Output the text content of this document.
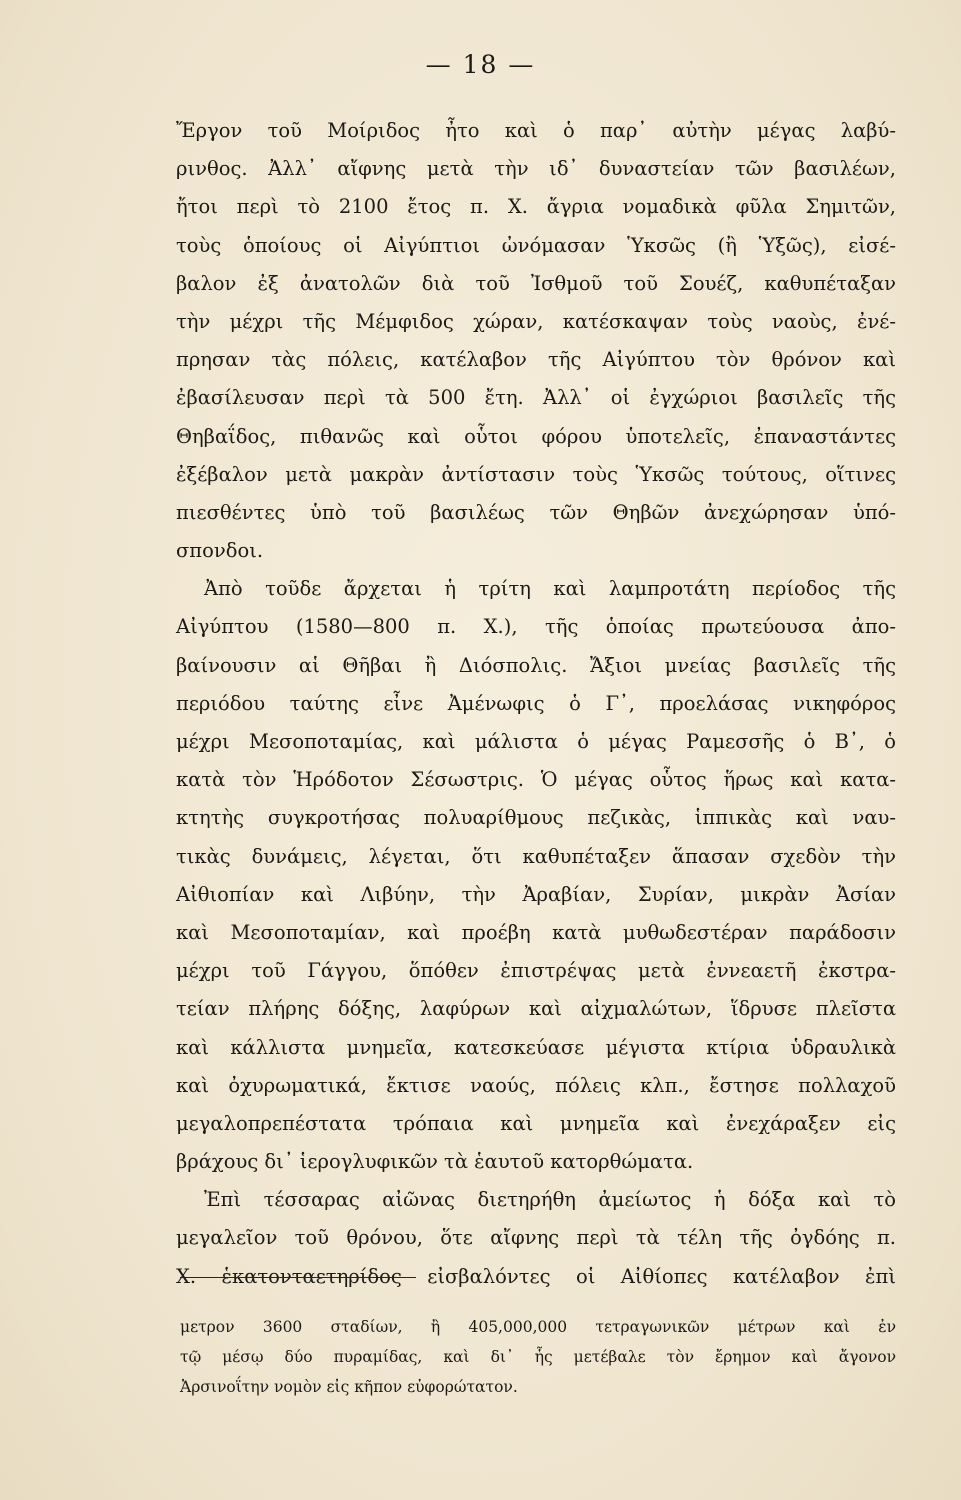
— 18 —
Ἔργον τοῦ Μοίριδος ἦτο καὶ ὁ παρ᾽ αὐτὴν μέγας λαβύ-
ρινθος. Ἀλλ᾽ αἴφνης μετὰ τὴν ιδ᾽ δυναστείαν τῶν βασιλέων,
ἤτοι περὶ τὸ 2100 ἔτος π. Χ. ἄγρια νομαδικὰ φῦλα Σημιτῶν,
τοὺς ὁποίους οἱ Αἰγύπτιοι ὠνόμασαν Ὑκσῶς (ἢ Ὑξῶς), εἰσέ-
βαλον ἐξ ἀνατολῶν διὰ τοῦ Ἰσθμοῦ τοῦ Σουέζ, καθυπέταξαν
τὴν μέχρι τῆς Μέμφιδος χώραν, κατέσκαψαν τοὺς ναοὺς, ἐνέ-
πρησαν τὰς πόλεις, κατέλαβον τῆς Αἰγύπτου τὸν θρόνον καὶ
ἐβασίλευσαν περὶ τὰ 500 ἔτη. Ἀλλ᾽ οἱ ἐγχώριοι βασιλεῖς τῆς
Θηβαΐδος, πιθανῶς καὶ οὗτοι φόρου ὑποτελεῖς, ἐπαναστάντες
ἐξέβαλον μετὰ μακρὰν ἀντίστασιν τοὺς Ὑκσῶς τούτους, οἵτινες
πιεσθέντες ὑπὸ τοῦ βασιλέως τῶν Θηβῶν ἀνεχώρησαν ὑπό-
σπονδοι.
Ἀπὸ τοῦδε ἄρχεται ἡ τρίτη καὶ λαμπροτάτη περίοδος τῆς
Αἰγύπτου (1580—800 π. Χ.), τῆς ὁποίας πρωτεύουσα ἀπο-
βαίνουσιν αἱ Θῆβαι ἢ Διόσπολις. Ἄξιοι μνείας βασιλεῖς τῆς
περιόδου ταύτης εἶνε Ἀμένωφις ὁ Γ᾽, προελάσας νικηφόρος
μέχρι Μεσοποταμίας, καὶ μάλιστα ὁ μέγας Ραμεσσῆς ὁ Β᾽, ὁ
κατὰ τὸν Ἡρόδοτον Σέσωστρις. Ὁ μέγας οὗτος ἥρως καὶ κατα-
κτητὴς συγκροτήσας πολυαρίθμους πεζικὰς, ἱππικὰς καὶ ναυ-
τικὰς δυνάμεις, λέγεται, ὅτι καθυπέταξεν ἅπασαν σχεδὸν τὴν
Αἰθιοπίαν καὶ Λιβύην, τὴν Ἀραβίαν, Συρίαν, μικρὰν Ἀσίαν
καὶ Μεσοποταμίαν, καὶ προέβη κατὰ μυθωδεστέραν παράδοσιν
μέχρι τοῦ Γάγγου, ὅπόθεν ἐπιστρέψας μετὰ ἐννεαετῆ ἐκστρα-
τείαν πλήρης δόξης, λαφύρων καὶ αἰχμαλώτων, ἵδρυσε πλεῖστα
καὶ κάλλιστα μνημεῖα, κατεσκεύασε μέγιστα κτίρια ὑδραυλικὰ
καὶ ὀχυρωματικά, ἔκτισε ναούς, πόλεις κλπ., ἔστησε πολλαχοῦ
μεγαλοπρεπέστατα τρόπαια καὶ μνημεῖα καὶ ἐνεχάραξεν εἰς
βράχους δι᾽ ἱερογλυφικῶν τὰ ἑαυτοῦ κατορθώματα.
Ἐπὶ τέσσαρας αἰῶνας διετηρήθη ἀμείωτος ἡ δόξα καὶ τὸ
μεγαλεῖον τοῦ θρόνου, ὅτε αἴφνης περὶ τὰ τέλη τῆς ὀγδόης π.
Χ. ἑκατονταετηρίδος εἰσβαλόντες οἱ Αἰθίοπες κατέλαβον ἐπὶ
μετρον 3600 σταδίων, ἢ 405,000,000 τετραγωνικῶν μέτρων καὶ ἐν
τῷ μέσῳ δύο πυραμίδας, καὶ δι᾽ ἧς μετέβαλε τὸν ἔρημον καὶ ἄγονον
Ἀρσινοΐτην νομὸν εἰς κῆπον εὐφορώτατον.
